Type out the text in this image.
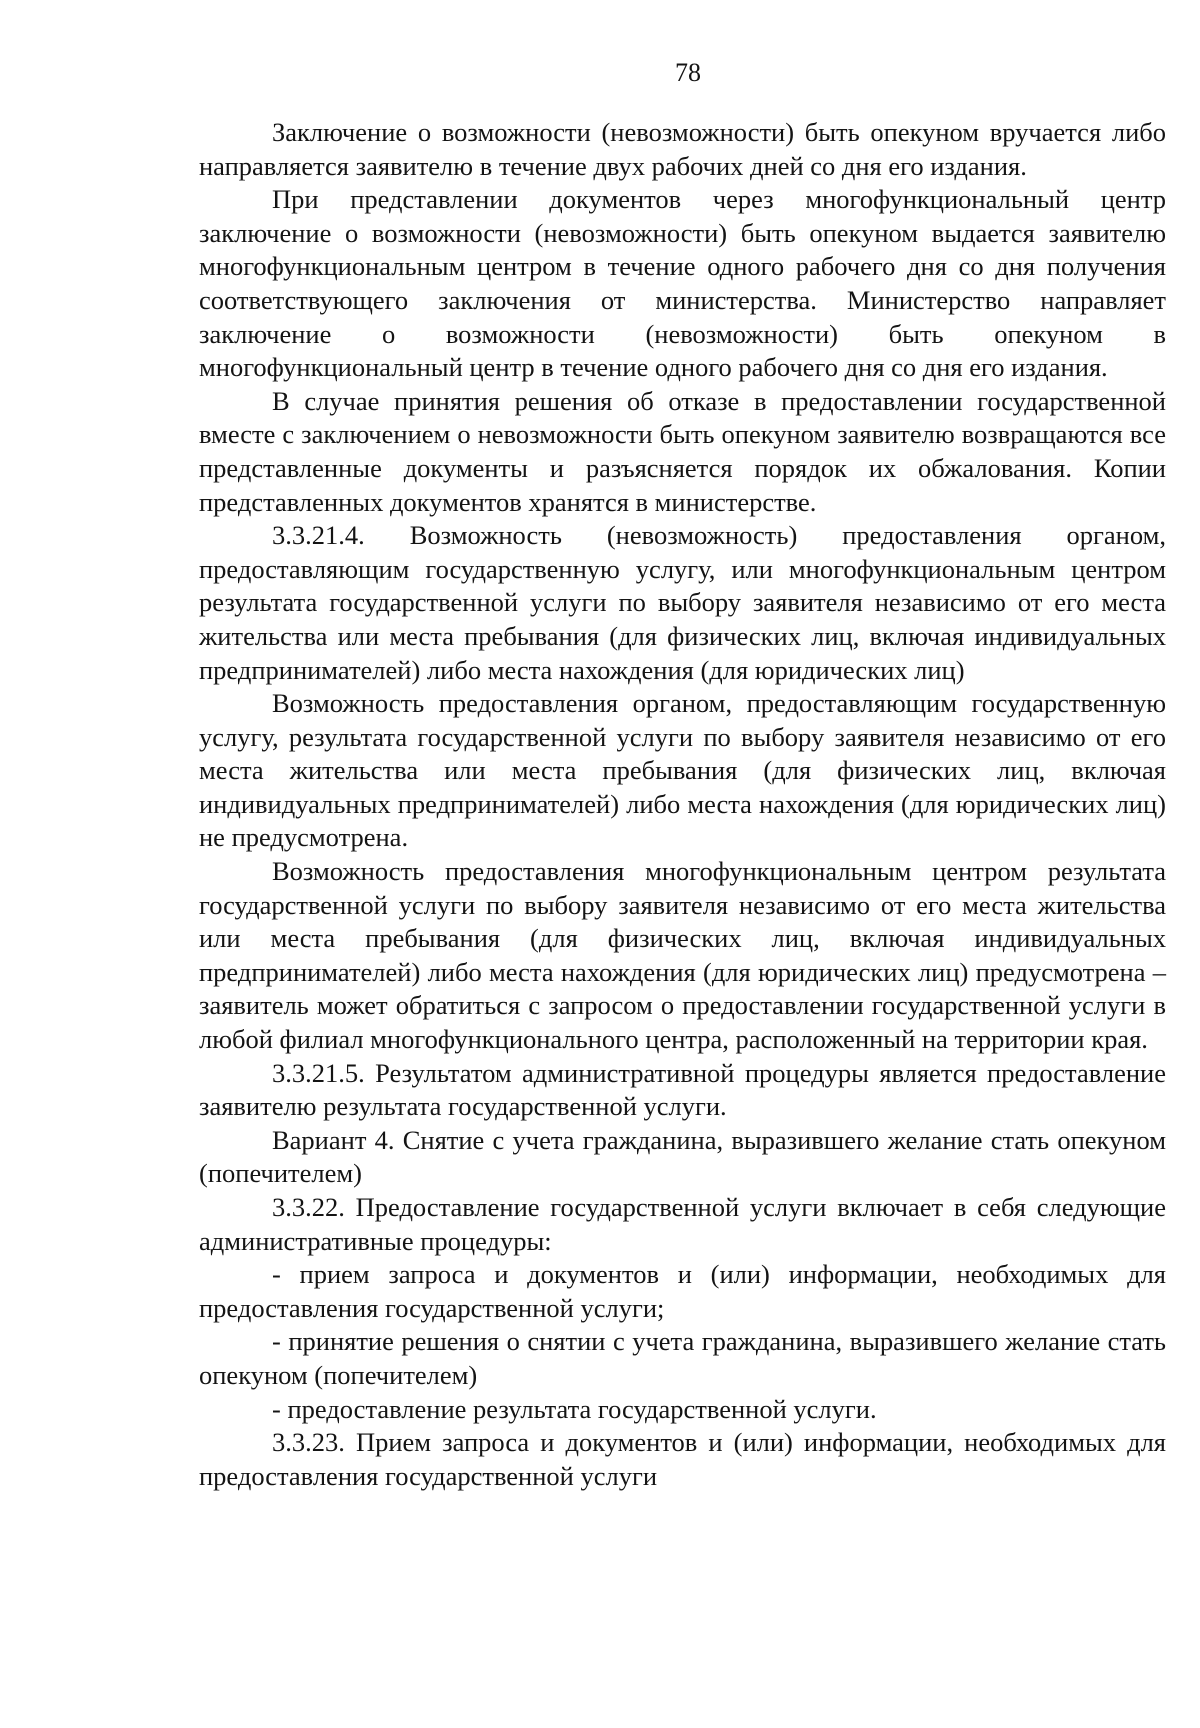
78

Заключение о возможности (невозможности) быть опекуном вручается либо направляется заявителю в течение двух рабочих дней со дня его издания.

При представлении документов через многофункциональный центр заключение о возможности (невозможности) быть опекуном выдается заявителю многофункциональным центром в течение одного рабочего дня со дня получения соответствующего заключения от министерства. Министерство направляет заключение о возможности (невозможности) быть опекуном в многофункциональный центр в течение одного рабочего дня со дня его издания.

В случае принятия решения об отказе в предоставлении государственной вместе с заключением о невозможности быть опекуном заявителю возвращаются все представленные документы и разъясняется порядок их обжалования. Копии представленных документов хранятся в министерстве.

3.3.21.4. Возможность (невозможность) предоставления органом, предоставляющим государственную услугу, или многофункциональным центром результата государственной услуги по выбору заявителя независимо от его места жительства или места пребывания (для физических лиц, включая индивидуальных предпринимателей) либо места нахождения (для юридических лиц)

Возможность предоставления органом, предоставляющим государственную услугу, результата государственной услуги по выбору заявителя независимо от его места жительства или места пребывания (для физических лиц, включая индивидуальных предпринимателей) либо места нахождения (для юридических лиц) не предусмотрена.

Возможность предоставления многофункциональным центром результата государственной услуги по выбору заявителя независимо от его места жительства или места пребывания (для физических лиц, включая индивидуальных предпринимателей) либо места нахождения (для юридических лиц) предусмотрена – заявитель может обратиться с запросом о предоставлении государственной услуги в любой филиал многофункционального центра, расположенный на территории края.

3.3.21.5. Результатом административной процедуры является предоставление заявителю результата государственной услуги.

Вариант 4. Снятие с учета гражданина, выразившего желание стать опекуном (попечителем)

3.3.22. Предоставление государственной услуги включает в себя следующие административные процедуры:

- прием запроса и документов и (или) информации, необходимых для предоставления государственной услуги;

- принятие решения о снятии с учета гражданина, выразившего желание стать опекуном (попечителем)

- предоставление результата государственной услуги.

3.3.23. Прием запроса и документов и (или) информации, необходимых для предоставления государственной услуги
